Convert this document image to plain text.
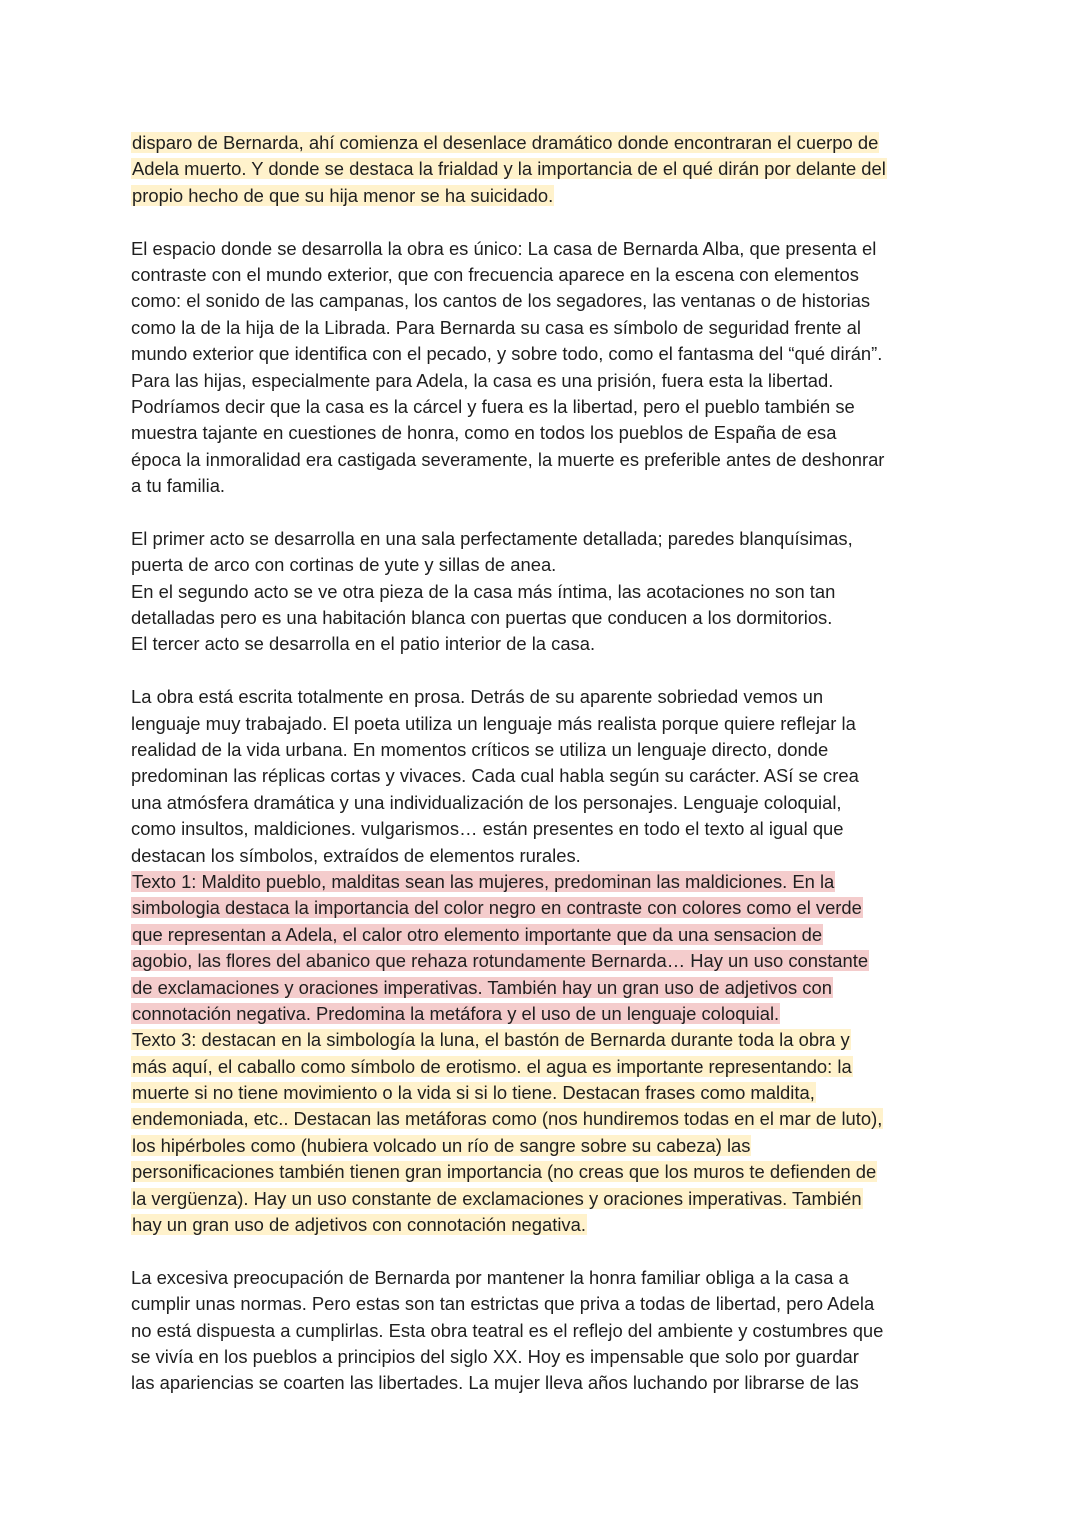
disparo de Bernarda, ahí comienza el desenlace dramático donde encontraran el cuerpo de
Adela muerto. Y donde se destaca la frialdad y la importancia de el qué dirán por delante del
propio hecho de que su hija menor se ha suicidado.
El espacio donde se desarrolla la obra es único: La casa de Bernarda Alba, que presenta el
contraste con el mundo exterior, que con frecuencia aparece en la escena con elementos
como: el sonido de las campanas, los cantos de los segadores, las ventanas o de historias
como la de la hija de la Librada. Para Bernarda su casa es símbolo de seguridad frente al
mundo exterior que identifica con el pecado, y sobre todo, como el fantasma del “qué dirán”.
Para las hijas, especialmente para Adela, la casa es una prisión, fuera esta la libertad.
Podríamos decir que la casa es la cárcel y fuera es la libertad, pero el pueblo también se
muestra tajante en cuestiones de honra, como en todos los pueblos de España de esa
época la inmoralidad era castigada severamente, la muerte es preferible antes de deshonrar
a tu familia.
El primer acto se desarrolla en una sala perfectamente detallada; paredes blanquísimas,
puerta de arco con cortinas de yute y sillas de anea.
En el segundo acto se ve otra pieza de la casa más íntima, las acotaciones no son tan
detalladas pero es una habitación blanca con puertas que conducen a los dormitorios.
El tercer acto se desarrolla en el patio interior de la casa.
La obra está escrita totalmente en prosa. Detrás de su aparente sobriedad vemos un
lenguaje muy trabajado. El poeta utiliza un lenguaje más realista porque quiere reflejar la
realidad de la vida urbana. En momentos críticos se utiliza un lenguaje directo, donde
predominan las réplicas cortas y vivaces. Cada cual habla según su carácter. ASí se crea
una atmósfera dramática y una individualización de los personajes. Lenguaje coloquial,
como insultos, maldiciones. vulgarismos… están presentes en todo el texto al igual que
destacan los símbolos, extraídos de elementos rurales.
Texto 1: Maldito pueblo, malditas sean las mujeres, predominan las maldiciones. En la
simbologia destaca la importancia del color negro en contraste con colores como el verde
que representan a Adela, el calor otro elemento importante que da una sensacion de
agobio, las flores del abanico que rehaza rotundamente Bernarda… Hay un uso constante
de exclamaciones y oraciones imperativas. También hay un gran uso de adjetivos con
connotación negativa. Predomina la metáfora y el uso de un lenguaje coloquial.
Texto 3: destacan en la simbología la luna, el bastón de Bernarda durante toda la obra y
más aquí, el caballo como símbolo de erotismo. el agua es importante representando: la
muerte si no tiene movimiento o la vida si si lo tiene. Destacan frases como maldita,
endemoniada, etc.. Destacan las metáforas como (nos hundiremos todas en el mar de luto),
los hipérboles como (hubiera volcado un río de sangre sobre su cabeza) las
personificaciones también tienen gran importancia (no creas que los muros te defienden de
la vergüenza). Hay un uso constante de exclamaciones y oraciones imperativas. También
hay un gran uso de adjetivos con connotación negativa.
La excesiva preocupación de Bernarda por mantener la honra familiar obliga a la casa a
cumplir unas normas. Pero estas son tan estrictas que priva a todas de libertad, pero Adela
no está dispuesta a cumplirlas. Esta obra teatral es el reflejo del ambiente y costumbres que
se vivía en los pueblos a principios del siglo XX. Hoy es impensable que solo por guardar
las apariencias se coarten las libertades. La mujer lleva años luchando por librarse de las
